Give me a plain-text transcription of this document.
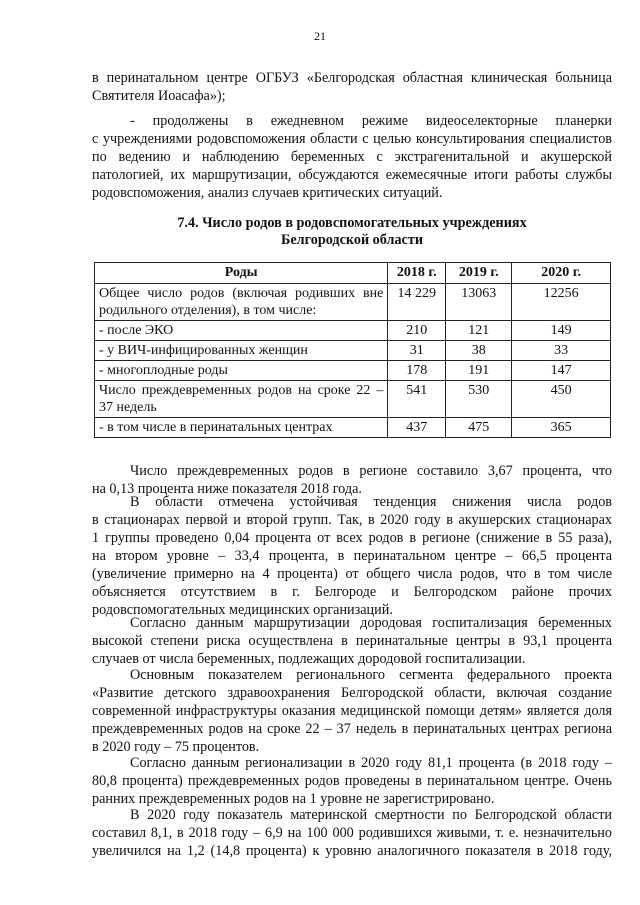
21
в перинатальном центре ОГБУЗ «Белгородская областная клиническая больница
Святителя Иоасафа»);
- продолжены в ежедневном режиме видеоселекторные планерки
с учреждениями родовспоможения области с целью консультирования специалистов
по ведению и наблюдению беременных с экстрагенитальной и акушерской
патологией, их маршрутизации, обсуждаются ежемесячные итоги работы службы
родовспоможения, анализ случаев критических ситуаций.
7.4. Число родов в родовспомогательных учреждениях
Белгородской области
Роды	2018 г.	2019 г.	2020 г.
Общее число родов (включая родивших вне родильного отделения), в том числе:	14 229	13063	12256
- после ЭКО	210	121	149
- у ВИЧ-инфицированных женщин	31	38	33
- многоплодные роды	178	191	147
Число преждевременных родов на сроке 22 – 37 недель	541	530	450
- в том числе в перинатальных центрах	437	475	365
Число преждевременных родов в регионе составило 3,67 процента, что
на 0,13 процента ниже показателя 2018 года.
В области отмечена устойчивая тенденция снижения числа родов
в стационарах первой и второй групп. Так, в 2020 году в акушерских стационарах
1 группы проведено 0,04 процента от всех родов в регионе (снижение в 55 раза),
на втором уровне – 33,4 процента, в перинатальном центре – 66,5 процента
(увеличение примерно на 4 процента) от общего числа родов, что в том числе
объясняется отсутствием в г. Белгороде и Белгородском районе прочих
родовспомогательных медицинских организаций.
Согласно данным маршрутизации дородовая госпитализация беременных
высокой степени риска осуществлена в перинатальные центры в 93,1 процента
случаев от числа беременных, подлежащих дородовой госпитализации.
Основным показателем регионального сегмента федерального проекта
«Развитие детского здравоохранения Белгородской области, включая создание
современной инфраструктуры оказания медицинской помощи детям» является доля
преждевременных родов на сроке 22 – 37 недель в перинатальных центрах региона
в 2020 году – 75 процентов.
Согласно данным регионализации в 2020 году 81,1 процента (в 2018 году –
80,8 процента) преждевременных родов проведены в перинатальном центре. Очень
ранних преждевременных родов на 1 уровне не зарегистрировано.
В 2020 году показатель материнской смертности по Белгородской области
составил 8,1, в 2018 году – 6,9 на 100 000 родившихся живыми, т. е. незначительно
увеличился на 1,2 (14,8 процента) к уровню аналогичного показателя в 2018 году,
